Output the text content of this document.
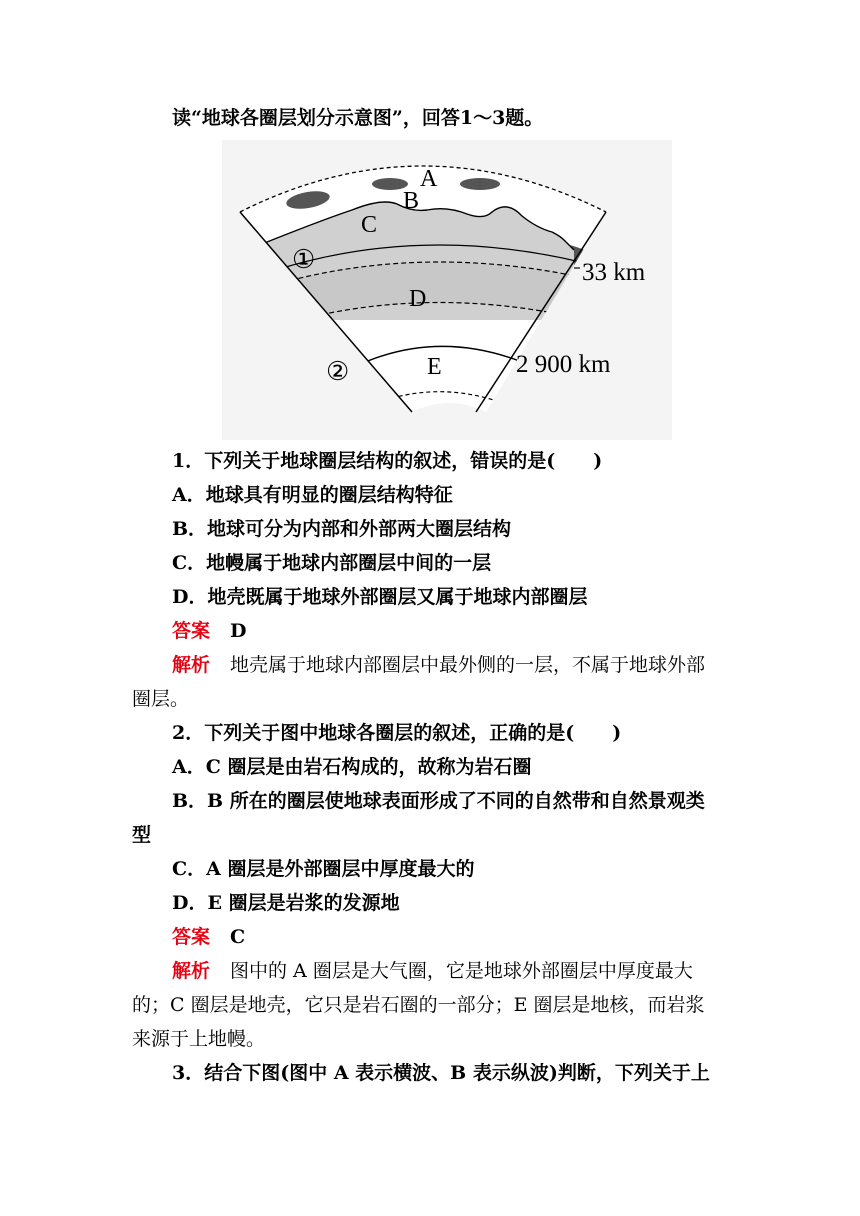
读“地球各圈层划分示意图”，回答1～3题。
A
B
C
D
E
①
②
33 km
2 900 km
1．下列关于地球圈层结构的叙述，错误的是(　　)
A．地球具有明显的圈层结构特征
B．地球可分为内部和外部两大圈层结构
C．地幔属于地球内部圈层中间的一层
D．地壳既属于地球外部圈层又属于地球内部圈层
答案 D
解析 地壳属于地球内部圈层中最外侧的一层，不属于地球外部
圈层。
2．下列关于图中地球各圈层的叙述，正确的是(　　)
A．C 圈层是由岩石构成的，故称为岩石圈
B．B 所在的圈层使地球表面形成了不同的自然带和自然景观类
型
C．A 圈层是外部圈层中厚度最大的
D．E 圈层是岩浆的发源地
答案 C
解析 图中的 A 圈层是大气圈，它是地球外部圈层中厚度最大
的；C 圈层是地壳，它只是岩石圈的一部分；E 圈层是地核，而岩浆
来源于上地幔。
3．结合下图(图中 A 表示横波、B 表示纵波)判断，下列关于上
